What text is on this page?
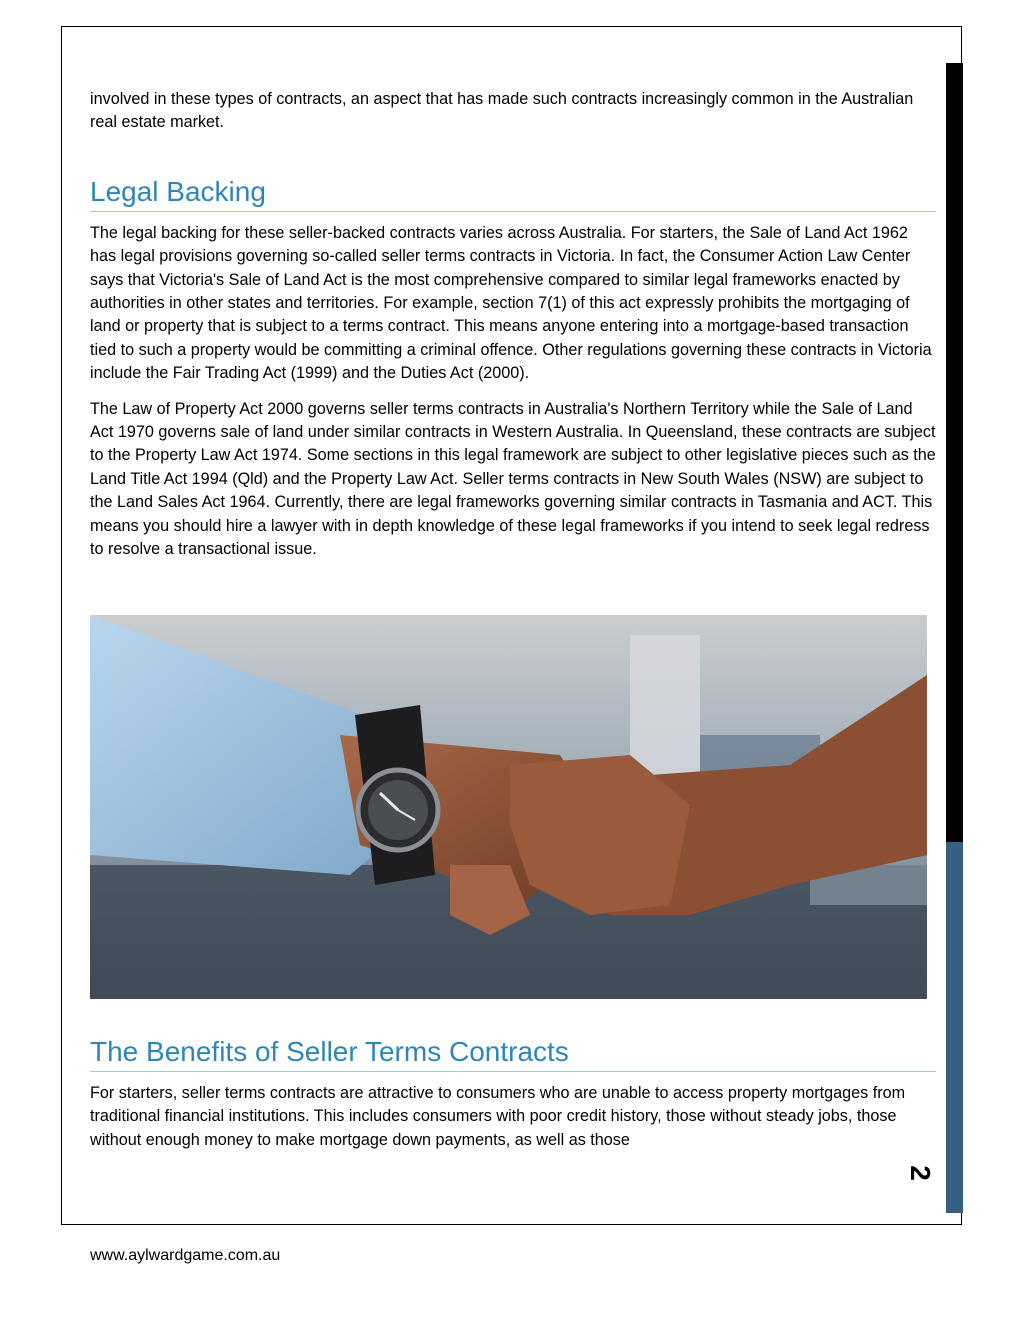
involved in these types of contracts, an aspect that has made such contracts increasingly common in the Australian real estate market.

Legal Backing

The legal backing for these seller-backed contracts varies across Australia. For starters, the Sale of Land Act 1962 has legal provisions governing so-called seller terms contracts in Victoria. In fact, the Consumer Action Law Center says that Victoria's Sale of Land Act is the most comprehensive compared to similar legal frameworks enacted by authorities in other states and territories. For example, section 7(1) of this act expressly prohibits the mortgaging of land or property that is subject to a terms contract. This means anyone entering into a mortgage-based transaction tied to such a property would be committing a criminal offence. Other regulations governing these contracts in Victoria include the Fair Trading Act (1999) and the Duties Act (2000).

The Law of Property Act 2000 governs seller terms contracts in Australia's Northern Territory while the Sale of Land Act 1970 governs sale of land under similar contracts in Western Australia. In Queensland, these contracts are subject to the Property Law Act 1974. Some sections in this legal framework are subject to other legislative pieces such as the Land Title Act 1994 (Qld) and the Property Law Act. Seller terms contracts in New South Wales (NSW) are subject to the Land Sales Act 1964. Currently, there are legal frameworks governing similar contracts in Tasmania and ACT. This means you should hire a lawyer with in depth knowledge of these legal frameworks if you intend to seek legal redress to resolve a transactional issue.

The Benefits of Seller Terms Contracts

For starters, seller terms contracts are attractive to consumers who are unable to access property mortgages from traditional financial institutions. This includes consumers with poor credit history, those without steady jobs, those without enough money to make mortgage down payments, as well as those

2
www.aylwardgame.com.au
